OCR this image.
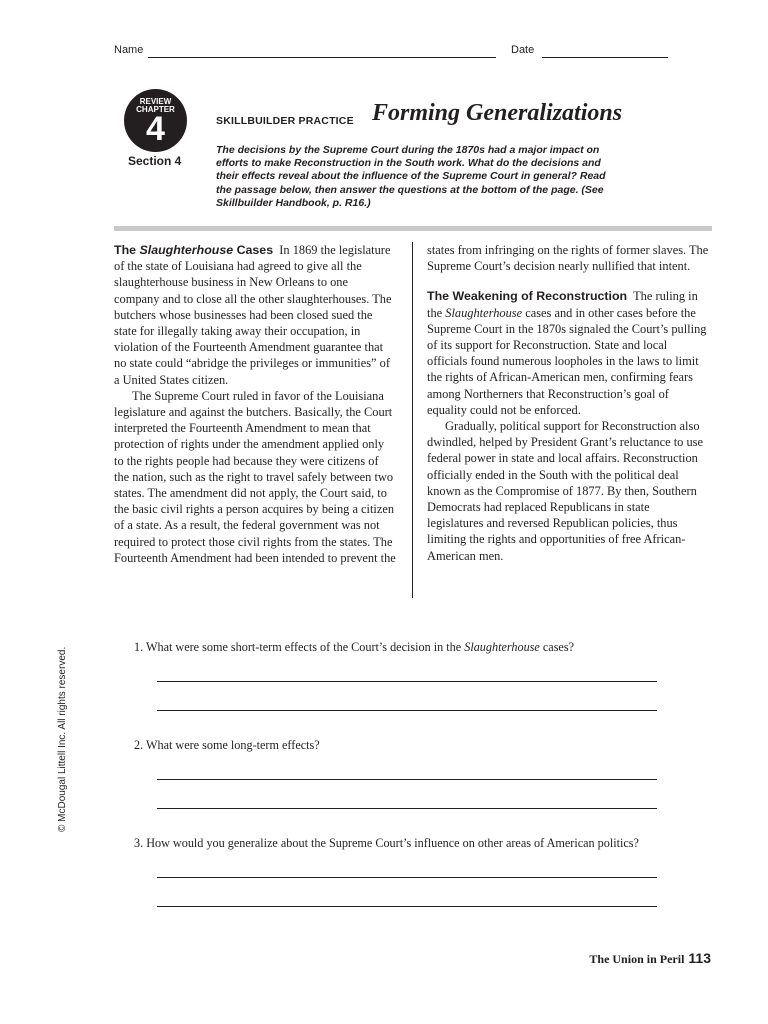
Name	Date
REVIEW
CHAPTER
4
Section 4
SKILLBUILDER PRACTICE Forming Generalizations

The decisions by the Supreme Court during the 1870s had a major impact on efforts to make Reconstruction in the South work. What do the decisions and their effects reveal about the influence of the Supreme Court in general? Read the passage below, then answer the questions at the bottom of the page. (See Skillbuilder Handbook, p. R16.)

The Slaughterhouse Cases In 1869 the legislature of the state of Louisiana had agreed to give all the slaughterhouse business in New Orleans to one company and to close all the other slaughterhouses. The butchers whose businesses had been closed sued the state for illegally taking away their occupation, in violation of the Fourteenth Amendment guarantee that no state could “abridge the privileges or immunities” of a United States citizen.

The Supreme Court ruled in favor of the Louisiana legislature and against the butchers. Basically, the Court interpreted the Fourteenth Amendment to mean that protection of rights under the amendment applied only to the rights people had because they were citizens of the nation, such as the right to travel safely between two states. The amendment did not apply, the Court said, to the basic civil rights a person acquires by being a citizen of a state. As a result, the federal government was not required to protect those civil rights from the states. The Fourteenth Amendment had been intended to prevent the

states from infringing on the rights of former slaves. The Supreme Court’s decision nearly nullified that intent.

The Weakening of Reconstruction The ruling in the Slaughterhouse cases and in other cases before the Supreme Court in the 1870s signaled the Court’s pulling of its support for Reconstruction. State and local officials found numerous loopholes in the laws to limit the rights of African-American men, confirming fears among Northerners that Reconstruction’s goal of equality could not be enforced.

Gradually, political support for Reconstruction also dwindled, helped by President Grant’s reluctance to use federal power in state and local affairs. Reconstruction officially ended in the South with the political deal known as the Compromise of 1877. By then, Southern Democrats had replaced Republicans in state legislatures and reversed Republican policies, thus limiting the rights and opportunities of free African-American men.

1. What were some short-term effects of the Court’s decision in the Slaughterhouse cases?

2. What were some long-term effects?

3. How would you generalize about the Supreme Court’s influence on other areas of American politics?

© McDougal Littell Inc. All rights reserved.
The Union in Peril 113
